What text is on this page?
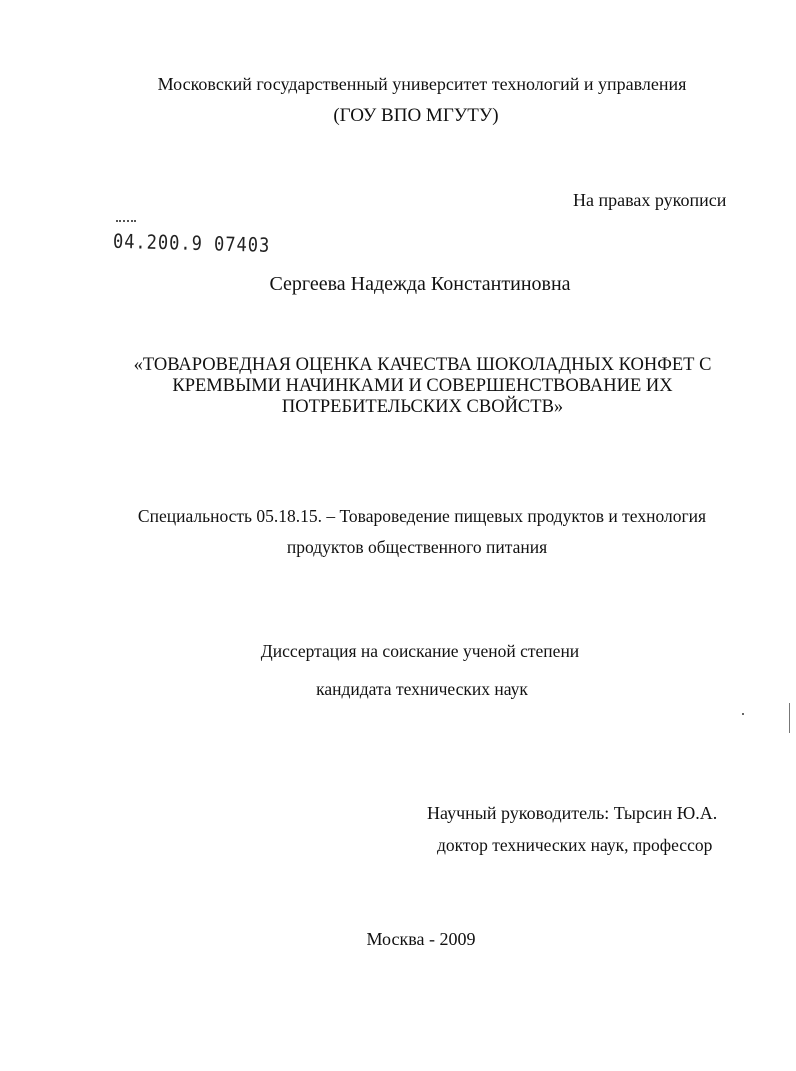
Московский государственный университет технологий и управления
(ГОУ ВПО МГУТУ)
На правах рукописи
04.200.9 07403
Сергеева Надежда Константиновна
«ТОВАРОВЕДНАЯ ОЦЕНКА КАЧЕСТВА ШОКОЛАДНЫХ КОНФЕТ С
КРЕМВЫМИ НАЧИНКАМИ И СОВЕРШЕНСТВОВАНИЕ ИХ
ПОТРЕБИТЕЛЬСКИХ СВОЙСТВ»
Специальность 05.18.15. – Товароведение пищевых продуктов и технология
продуктов общественного питания
Диссертация на соискание ученой степени
кандидата технических наук
Научный руководитель: Тырсин Ю.А.
доктор технических наук, профессор
Москва - 2009
